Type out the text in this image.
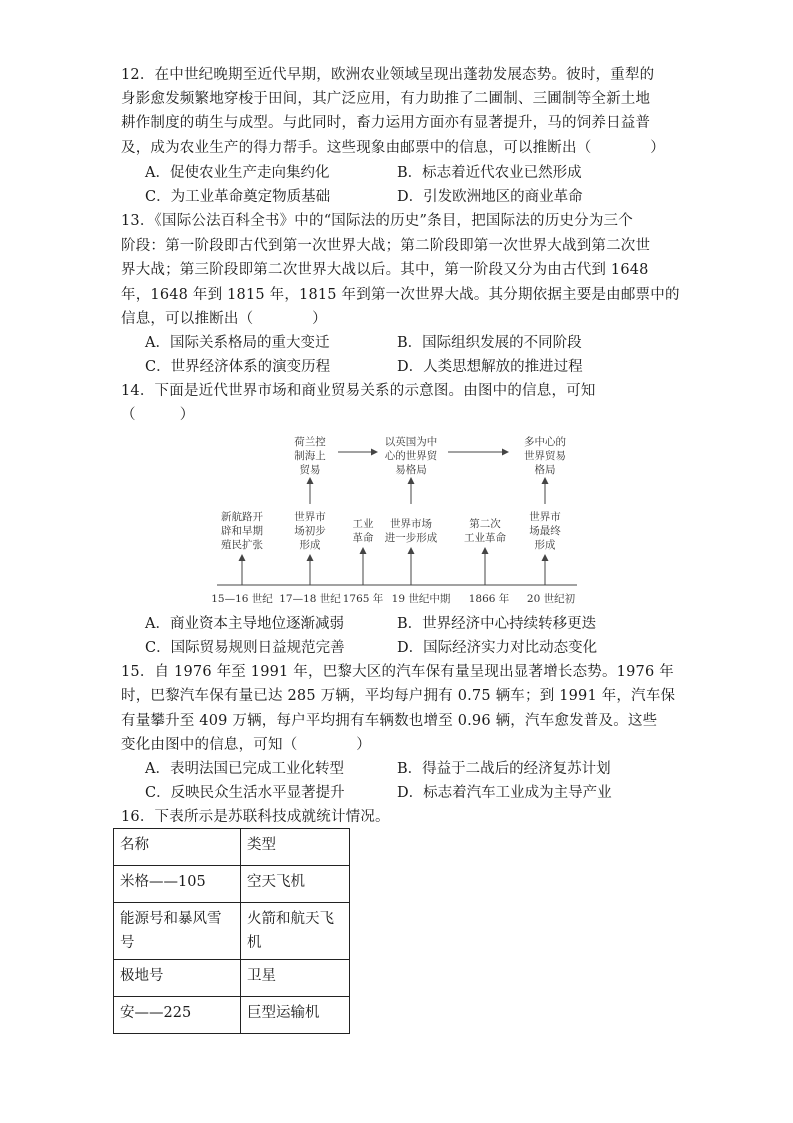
12．在中世纪晚期至近代早期，欧洲农业领域呈现出蓬勃发展态势。彼时，重犁的
身影愈发频繁地穿梭于田间，其广泛应用，有力助推了二圃制、三圃制等全新土地
耕作制度的萌生与成型。与此同时，畜力运用方面亦有显著提升，马的饲养日益普
及，成为农业生产的得力帮手。这些现象由邮票中的信息，可以推断出（　　　　）
A．促使农业生产走向集约化	B．标志着近代农业已然形成
C．为工业革命奠定物质基础	D．引发欧洲地区的商业革命
13．《国际公法百科全书》中的“国际法的历史”条目，把国际法的历史分为三个
阶段：第一阶段即古代到第一次世界大战；第二阶段即第一次世界大战到第二次世
界大战；第三阶段即第二次世界大战以后。其中，第一阶段又分为由古代到 1648
年，1648 年到 1815 年，1815 年到第一次世界大战。其分期依据主要是由邮票中的
信息，可以推断出（　　　　）
A．国际关系格局的重大变迁	B．国际组织发展的不同阶段
C．世界经济体系的演变历程	D．人类思想解放的推进过程
14．下面是近代世界市场和商业贸易关系的示意图。由图中的信息，可知
（　　　）
荷兰控
制海上
贸易
以英国为中
心的世界贸
易格局
多中心的
世界贸易
格局
新航路开
辟和早期
殖民扩张
世界市
场初步
形成
工业
革命
世界市场
进一步形成
第二次
工业革命
世界市
场最终
形成
15—16 世纪 17—18 世纪 1765 年 19 世纪中期 1866 年 20 世纪初
A．商业资本主导地位逐渐减弱	B．世界经济中心持续转移更迭
C．国际贸易规则日益规范完善	D．国际经济实力对比动态变化
15．自 1976 年至 1991 年，巴黎大区的汽车保有量呈现出显著增长态势。1976 年
时，巴黎汽车保有量已达 285 万辆，平均每户拥有 0.75 辆车；到 1991 年，汽车保
有量攀升至 409 万辆，每户平均拥有车辆数也增至 0.96 辆，汽车愈发普及。这些
变化由图中的信息，可知（　　　　）
A．表明法国已完成工业化转型	B．得益于二战后的经济复苏计划
C．反映民众生活水平显著提升	D．标志着汽车工业成为主导产业
16．下表所示是苏联科技成就统计情况。
名称	类型
米格——105	空天飞机
能源号和暴风雪号	火箭和航天飞机
极地号	卫星
安——225	巨型运输机
